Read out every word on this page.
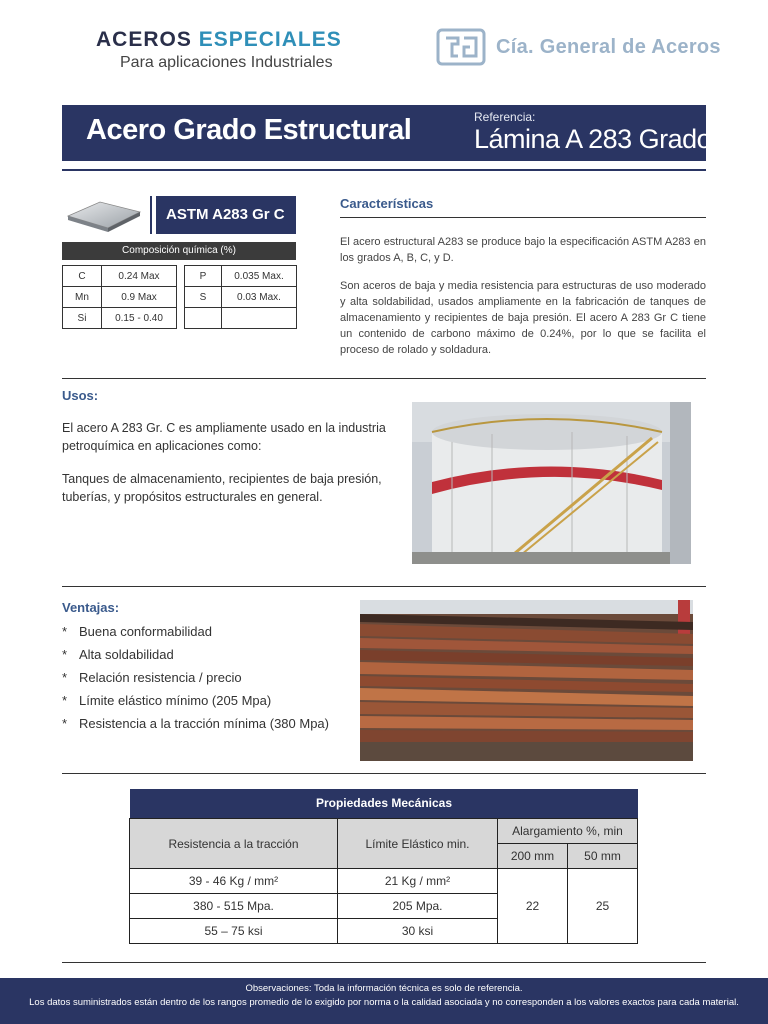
ACEROS ESPECIALES
Para aplicaciones Industriales
Cía. General de Aceros
Acero Grado Estructural	Referencia:
Lámina A 283 Grado C
ASTM A283 Gr C
Composición química (%)
C	0.24 Max		P	0.035 Max.
Mn	0.9 Max		S	0.03 Max.
Si	0.15 - 0.40			
Características
El acero estructural A283 se produce bajo la especificación ASTM A283 en los grados A, B, C, y D.
Son aceros de baja y media resistencia para estructuras de uso moderado y alta soldabilidad, usados ampliamente en la fabricación de tanques de almacenamiento y recipientes de baja presión. El acero A 283 Gr C tiene un contenido de carbono máximo de 0.24%, por lo que se facilita el proceso de rolado y soldadura.
Usos:
El acero A 283 Gr. C es ampliamente usado en la industria petroquímica en aplicaciones como:
Tanques de almacenamiento, recipientes de baja presión, tuberías, y propósitos estructurales en general.
Ventajas:
* Buena conformabilidad
* Alta soldabilidad
* Relación resistencia / precio
* Límite elástico mínimo (205 Mpa)
* Resistencia a la tracción mínima (380 Mpa)
Propiedades Mecánicas
Resistencia a la tracción	Límite Elástico min.	Alargamiento %, min	
		200 mm	50 mm
39 - 46 Kg / mm²	21 Kg / mm²	22	25
380 - 515 Mpa.	205 Mpa.		
55 – 75 ksi	30 ksi		
Observaciones: Toda la información técnica es solo de referencia.
Los datos suministrados están dentro de los rangos promedio de lo exigido por norma o la calidad asociada y no corresponden a los valores exactos para cada material.
